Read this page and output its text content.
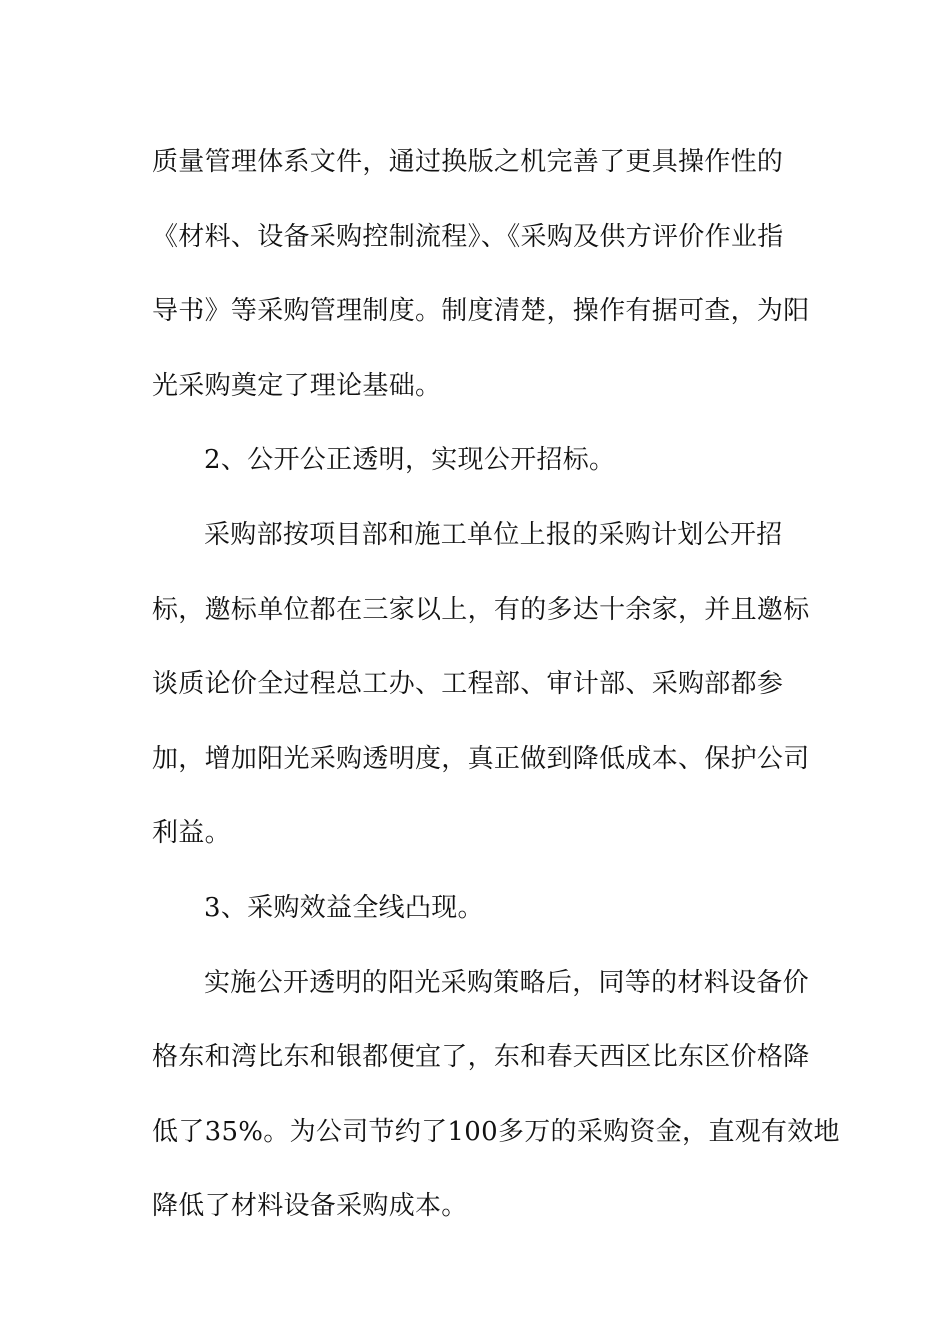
质量管理体系文件，通过换版之机完善了更具操作性的
《材料、设备采购控制流程》、《采购及供方评价作业指
导书》等采购管理制度。制度清楚，操作有据可查，为阳
光采购奠定了理论基础。
2、公开公正透明，实现公开招标。
采购部按项目部和施工单位上报的采购计划公开招
标，邀标单位都在三家以上，有的多达十余家，并且邀标
谈质论价全过程总工办、工程部、审计部、采购部都参
加，增加阳光采购透明度，真正做到降低成本、保护公司
利益。
3、采购效益全线凸现。
实施公开透明的阳光采购策略后，同等的材料设备价
格东和湾比东和银都便宜了，东和春天西区比东区价格降
低了35%。为公司节约了100多万的采购资金，直观有效地
降低了材料设备采购成本。
